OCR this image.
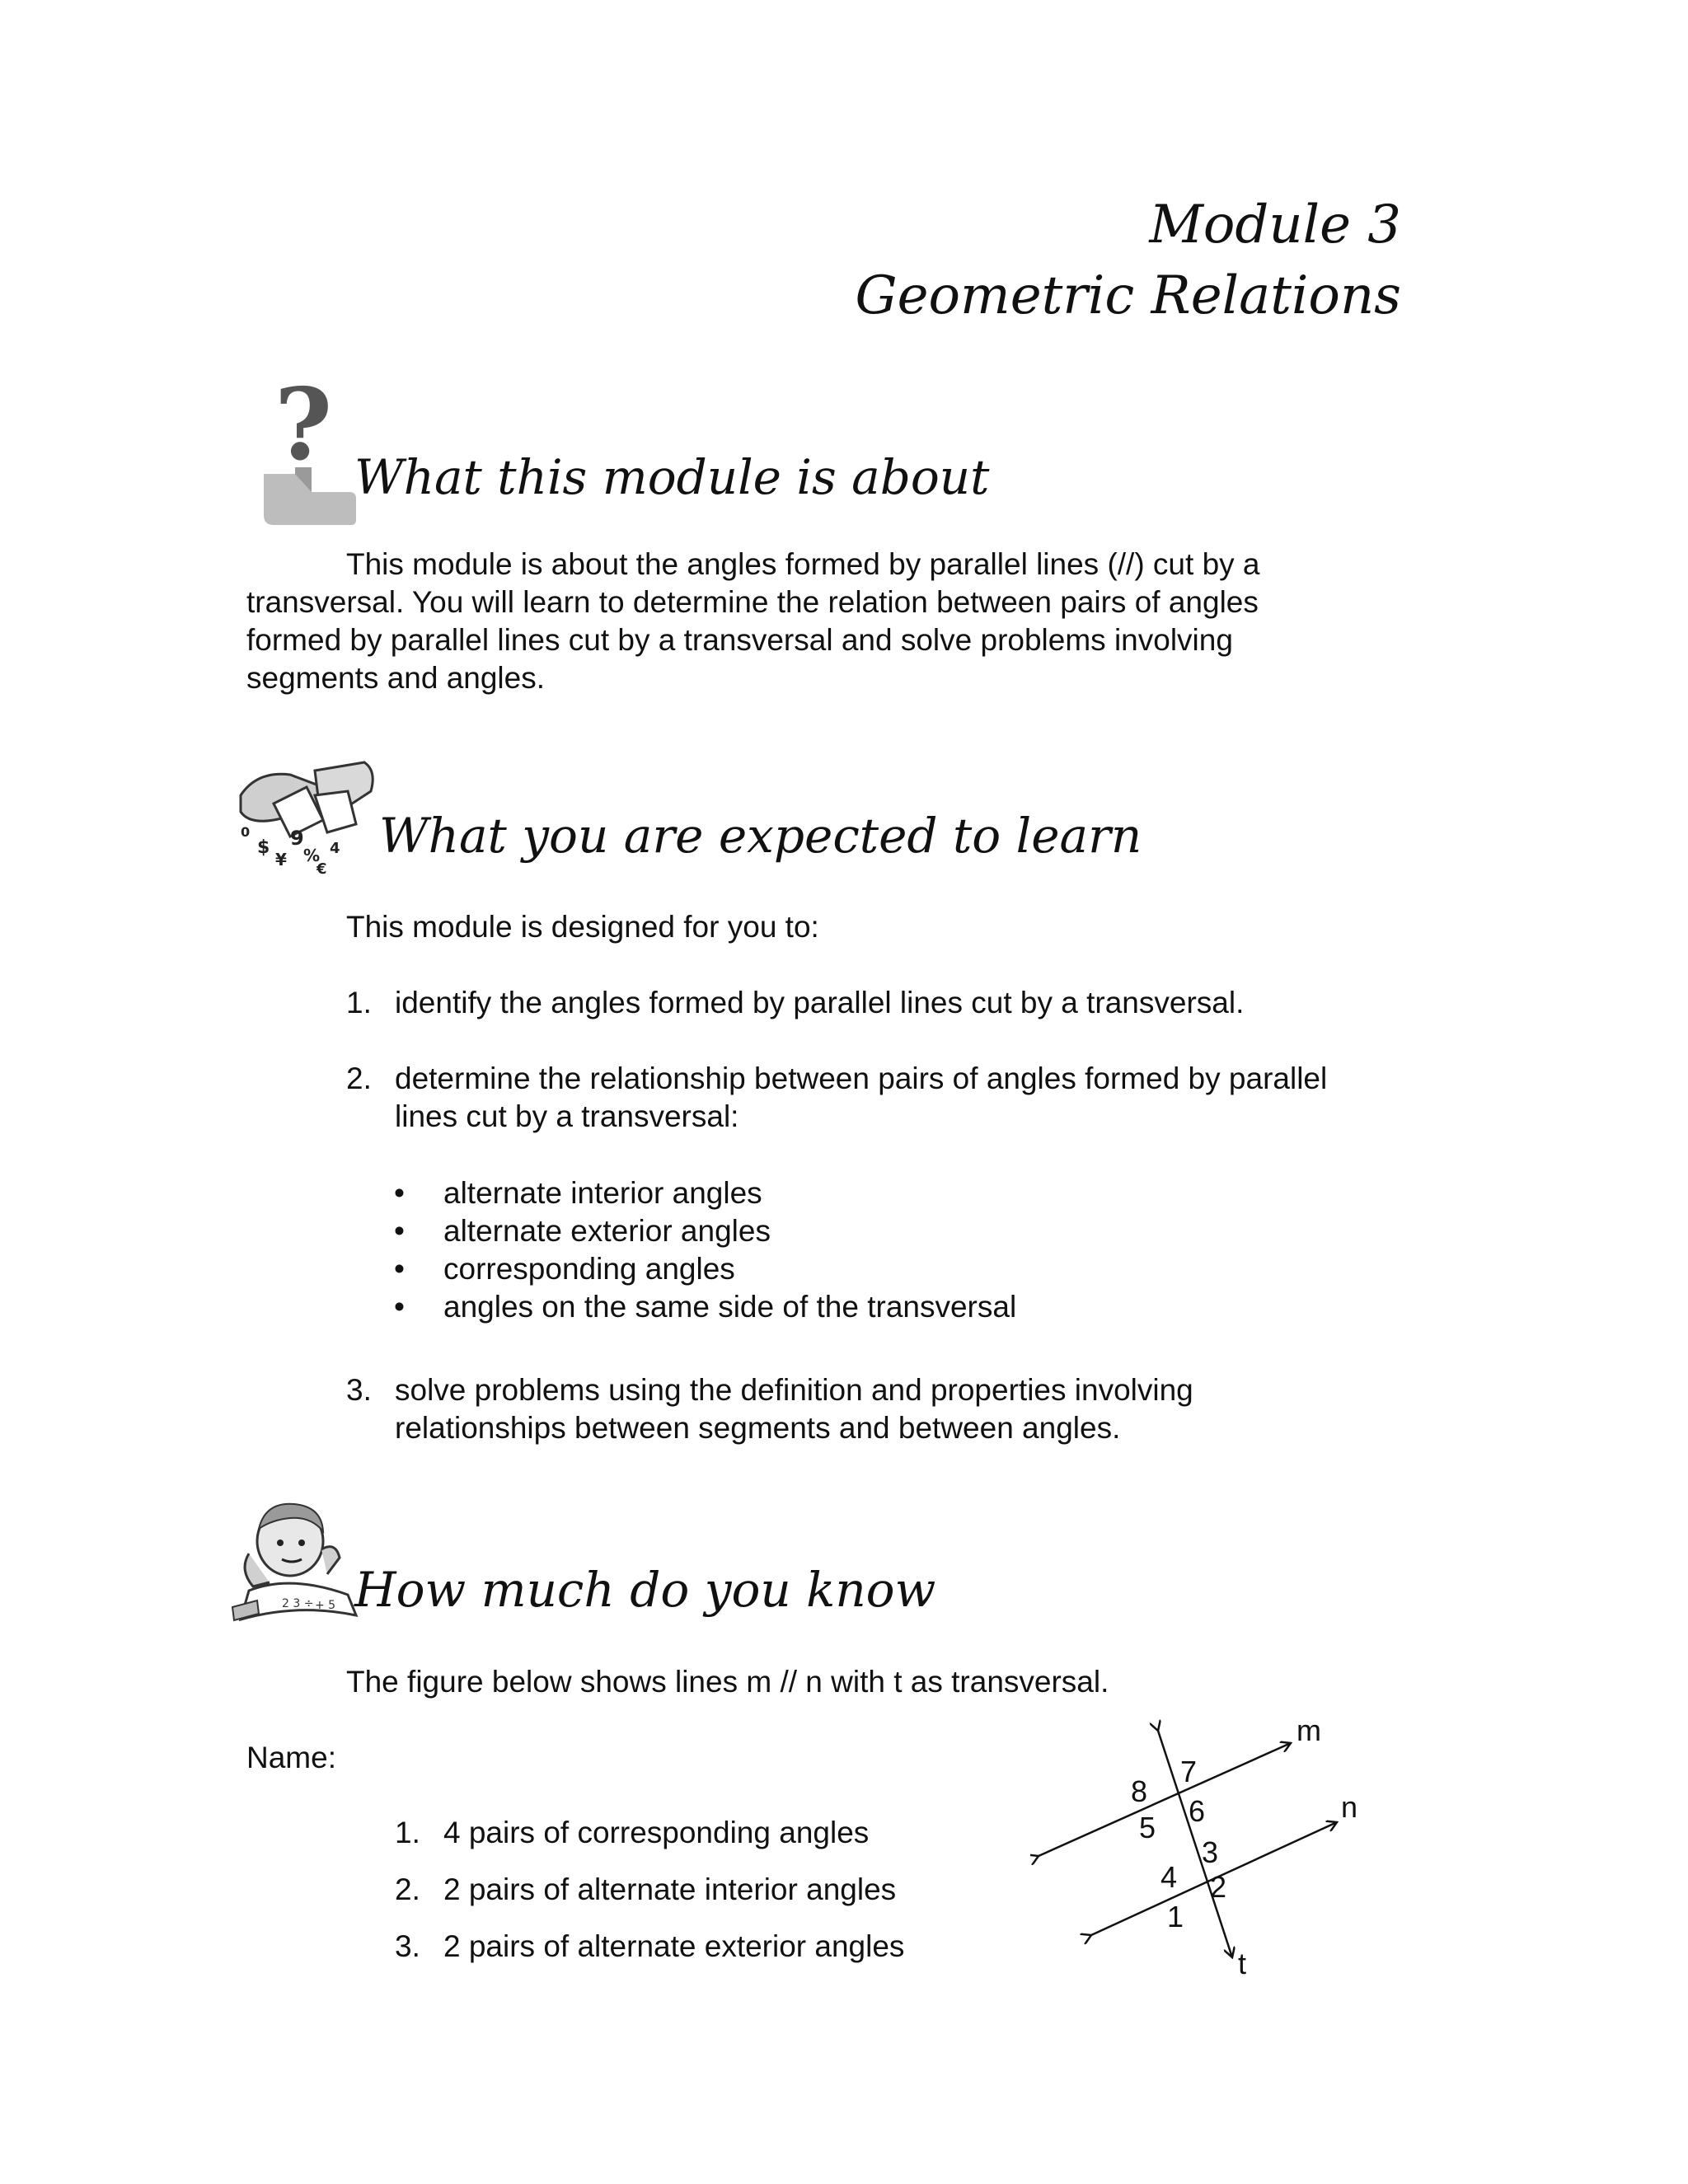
Module 3
Geometric Relations
? What this module is about
This module is about the angles formed by parallel lines (//) cut by a
transversal. You will learn to determine the relation between pairs of angles
formed by parallel lines cut by a transversal and solve problems involving
segments and angles.
$
¥
9
%
€
0
4 What you are expected to learn
This module is designed for you to:
1. identify the angles formed by parallel lines cut by a transversal.
2. determine the relationship between pairs of angles formed by parallel
lines cut by a transversal:
• alternate interior angles
• alternate exterior angles
• corresponding angles
• angles on the same side of the transversal
3. solve problems using the definition and properties involving
relationships between segments and between angles.
2 3 ÷ + 5 How much do you know
The figure below shows lines m // n with t as transversal.
Name:
1. 4 pairs of corresponding angles
2. 2 pairs of alternate interior angles
3. 2 pairs of alternate exterior angles
m
n
t
8
7
6
5
3
4 2
1
